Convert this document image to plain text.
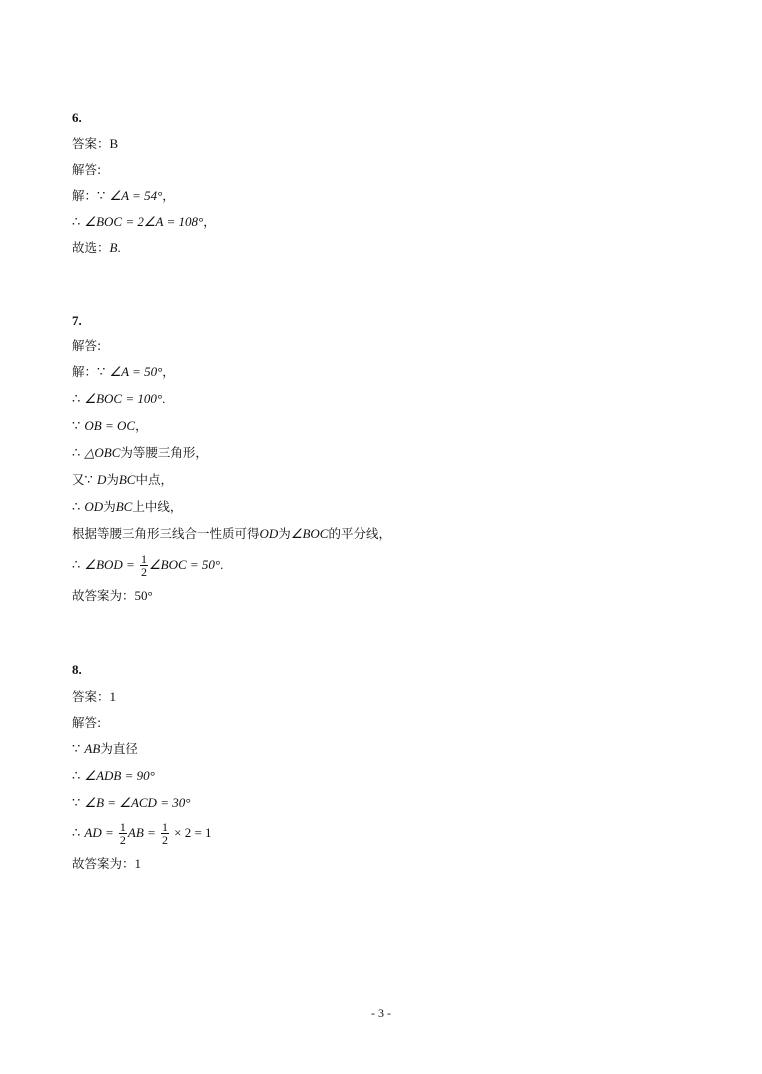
6.
答案：B
解答:
解：∵ ∠A = 54°，
∴ ∠BOC = 2∠A = 108°，
故选：B.
7.
解答:
解：∵ ∠A = 50°，
∴ ∠BOC = 100°.
∵ OB = OC，
∴ △OBC为等腰三角形，
又∵ D为BC中点，
∴ OD为BC上中线，
根据等腰三角形三线合一性质可得OD为∠BOC的平分线，
∴ ∠BOD = $\frac{1}{2}$ ∠BOC = 50°.
故答案为：50°
8.
答案：1
解答:
∵ AB为直径
∴ ∠ADB = 90°
∵ ∠B = ∠ACD = 30°
∴ AD = $\frac{1}{2}$ AB = $\frac{1}{2} \times 2 = 1$
故答案为：1
- 3 -
